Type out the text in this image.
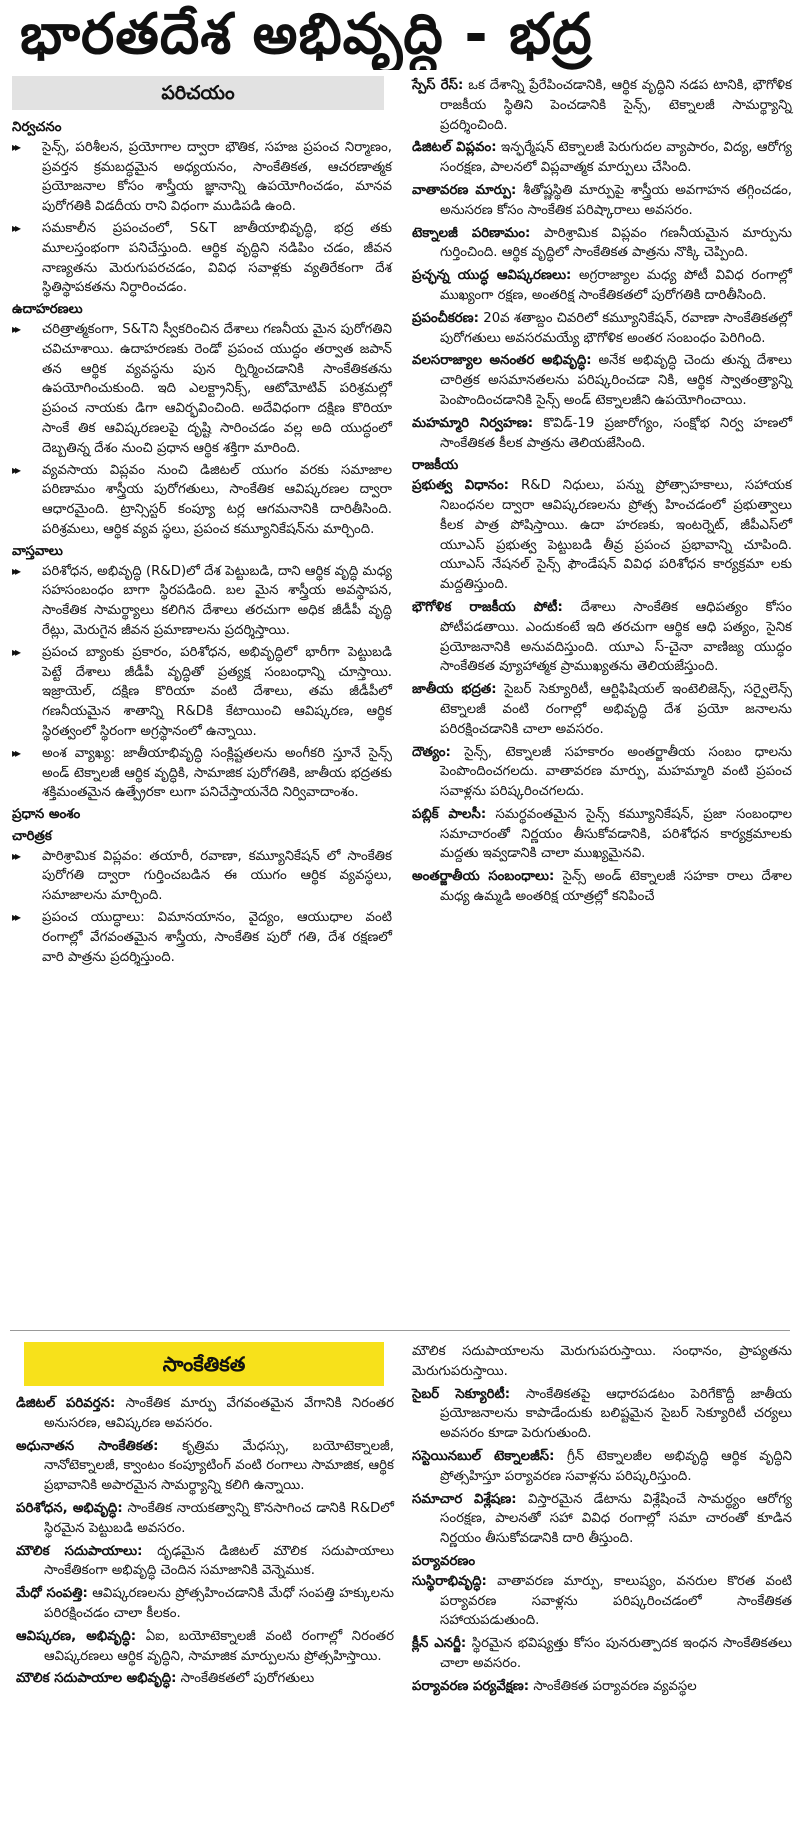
భారతదేశ అభివృద్ధి - భద్ర
పరిచయం
నిర్వచనం
▸▸ సైన్స్, పరిశీలన, ప్రయోగాల ద్వారా భౌతిక, సహజ ప్రపంచ నిర్మాణం, ప్రవర్తన క్రమబద్ధమైన అధ్యయనం, సాంకేతికత, ఆచరణాత్మక ప్రయోజనాల కోసం శాస్త్రీయ జ్ఞానాన్ని ఉపయోగించడం, మానవ పురోగతికి విడదీయ రాని విధంగా ముడిపడి ఉంది.
▸▸ సమకాలీన ప్రపంచంలో, S&T జాతీయాభివృద్ధి, భద్ర తకు మూలస్తంభంగా పనిచేస్తుంది. ఆర్థిక వృద్ధిని నడిపిం చడం, జీవన నాణ్యతను మెరుగుపరచడం, వివిధ సవాళ్లకు వ్యతిరేకంగా దేశ స్థితిస్థాపకతను నిర్ధారించడం.
ఉదాహరణలు
▸▸ చరిత్రాత్మకంగా, S&Tని స్వీకరించిన దేశాలు గణనీయ మైన పురోగతిని చవిచూశాయి. ఉదాహరణకు రెండో ప్రపంచ యుద్ధం తర్వాత జపాన్ తన ఆర్థిక వ్యవస్థను పున ర్నిర్మించడానికి సాంకేతికతను ఉపయోగించుకుంది. ఇది ఎలక్ట్రానిక్స్, ఆటోమోటివ్ పరిశ్రమల్లో ప్రపంచ నాయకు డిగా ఆవిర్భవించింది. అదేవిధంగా దక్షిణ కొరియా సాంకే తిక ఆవిష్కరణలపై దృష్టి సారించడం వల్ల అది యుద్ధంలో దెబ్బతిన్న దేశం నుంచి ప్రధాన ఆర్థిక శక్తిగా మారింది.
▸▸ వ్యవసాయ విప్లవం నుంచి డిజిటల్ యుగం వరకు సమాజాల పరిణామం శాస్త్రీయ పురోగతులు, సాంకేతిక ఆవిష్కరణల ద్వారా ఆధారమైంది. ట్రాన్సిస్టర్ కంప్యూ టర్ల ఆగమనానికి దారితీసింది. పరిశ్రమలు, ఆర్థిక వ్యవ స్థలు, ప్రపంచ కమ్యూనికేషన్‌ను మార్చింది.
వాస్తవాలు
▸▸ పరిశోధన, అభివృద్ధి (R&D)లో దేశ పెట్టుబడి, దాని ఆర్థిక వృద్ధి మధ్య సహసంబంధం బాగా స్థిరపడింది. బల మైన శాస్త్రీయ అవస్థాపన, సాంకేతిక సామర్థ్యాలు కలిగిన దేశాలు తరచుగా అధిక జీడీపీ వృద్ధి రేట్లు, మెరుగైన జీవన ప్రమాణాలను ప్రదర్శిస్తాయి.
▸▸ ప్రపంచ బ్యాంకు ప్రకారం, పరిశోధన, అభివృద్ధిలో భారీగా పెట్టుబడి పెట్టే దేశాలు జీడీపీ వృద్ధితో ప్రత్యక్ష సంబంధాన్ని చూస్తాయి. ఇజ్రాయెల్, దక్షిణ కొరియా వంటి దేశాలు, తమ జీడీపీలో గణనీయమైన శాతాన్ని R&Dకి కేటాయించి ఆవిష్కరణ, ఆర్థిక స్థిరత్వంలో స్థిరంగా అగ్రస్థానంలో ఉన్నాయి.
▸▸ అంశ వ్యాఖ్య: జాతీయాభివృద్ధి సంక్లిష్టతలను అంగీకరి స్తూనే సైన్స్ అండ్ టెక్నాలజీ ఆర్థిక వృద్ధికి, సామాజిక పురోగతికి, జాతీయ భద్రతకు శక్తిమంతమైన ఉత్ప్రేరకా లుగా పనిచేస్తాయనేది నిర్వివాదాంశం.
ప్రధాన అంశం
చారిత్రక
▸▸ పారిశ్రామిక విప్లవం: తయారీ, రవాణా, కమ్యూనికేషన్ లో సాంకేతిక పురోగతి ద్వారా గుర్తించబడిన ఈ యుగం ఆర్థిక వ్యవస్థలు, సమాజాలను మార్చింది.
▸▸ ప్రపంచ యుద్ధాలు: విమానయానం, వైద్యం, ఆయుధాల వంటి రంగాల్లో వేగవంతమైన శాస్త్రీయ, సాంకేతిక పురో గతి, దేశ రక్షణలో వారి పాత్రను ప్రదర్శిస్తుంది.
స్పేస్ రేస్: ఒక దేశాన్ని ప్రేరేపించడానికి, ఆర్థిక వృద్ధిని నడప టానికి, భౌగోళిక రాజకీయ స్థితిని పెంచడానికి సైన్స్, టెక్నాలజీ సామర్థ్యాన్ని ప్రదర్శించింది.
డిజిటల్ విప్లవం: ఇన్ఫర్మేషన్ టెక్నాలజీ పెరుగుదల వ్యాపారం, విద్య, ఆరోగ్య సంరక్షణ, పాలనలో విప్లవాత్మక మార్పులు చేసింది.
వాతావరణ మార్పు: శీతోష్ణస్థితి మార్పుపై శాస్త్రీయ అవగాహన తగ్గించడం, అనుసరణ కోసం సాంకేతిక పరిష్కారాలు అవసరం.
టెక్నాలజీ పరిణామం: పారిశ్రామిక విప్లవం గణనీయమైన మార్పును గుర్తించింది. ఆర్థిక వృద్ధిలో సాంకేతికత పాత్రను నొక్కి చెప్పింది.
ప్రచ్ఛన్న యుద్ధ ఆవిష్కరణలు: అగ్రరాజ్యాల మధ్య పోటీ వివిధ రంగాల్లో ముఖ్యంగా రక్షణ, అంతరిక్ష సాంకేతికతలో పురోగతికి దారితీసింది.
ప్రపంచీకరణ: 20వ శతాబ్దం చివరిలో కమ్యూనికేషన్, రవాణా సాంకేతికతల్లో పురోగతులు అవసరమయ్యే భౌగోళిక అంతర సంబంధం పెరిగింది.
వలసరాజ్యాల అనంతర అభివృద్ధి: అనేక అభివృద్ధి చెందు తున్న దేశాలు చారిత్రక అసమానతలను పరిష్కరించడా నికి, ఆర్థిక స్వాతంత్ర్యాన్ని పెంపొందించడానికి సైన్స్ అండ్ టెక్నాలజీని ఉపయోగించాయి.
మహమ్మారి నిర్వహణ: కొవిడ్-19 ప్రజారోగ్యం, సంక్షోభ నిర్వ హణలో సాంకేతికత కీలక పాత్రను తెలియజేసింది.
రాజకీయ
ప్రభుత్వ విధానం: R&D నిధులు, పన్ను ప్రోత్సాహకాలు, సహాయక నిబంధనల ద్వారా ఆవిష్కరణలను ప్రోత్స హించడంలో ప్రభుత్వాలు కీలక పాత్ర పోషిస్తాయి. ఉదా హరణకు, ఇంటర్నెట్, జీపీఎస్‌లో యూఎస్ ప్రభుత్వ పెట్టుబడి తీవ్ర ప్రపంచ ప్రభావాన్ని చూపింది. యూఎస్ నేషనల్ సైన్స్ ఫౌండేషన్ వివిధ పరిశోధన కార్యక్రమా లకు మద్దతిస్తుంది.
భౌగోళిక రాజకీయ పోటీ: దేశాలు సాంకేతిక ఆధిపత్యం కోసం పోటీపడతాయి. ఎందుకంటే ఇది తరచుగా ఆర్థిక ఆధి పత్యం, సైనిక ప్రయోజనానికి అనువదిస్తుంది. యూఎ స్-చైనా వాణిజ్య యుద్ధం సాంకేతికత వ్యూహాత్మక ప్రాముఖ్యతను తెలియజేస్తుంది.
జాతీయ భద్రత: సైబర్ సెక్యూరిటీ, ఆర్టిఫిషియల్ ఇంటెలిజెన్స్, సర్వైలెన్స్ టెక్నాలజీ వంటి రంగాల్లో అభివృద్ధి దేశ ప్రయో జనాలను పరిరక్షించడానికి చాలా అవసరం.
దౌత్యం: సైన్స్, టెక్నాలజీ సహకారం అంతర్జాతీయ సంబం ధాలను పెంపొందించగలదు. వాతావరణ మార్పు, మహమ్మారి వంటి ప్రపంచ సవాళ్లను పరిష్కరించగలదు.
పబ్లిక్ పాలసీ: సమర్థవంతమైన సైన్స్ కమ్యూనికేషన్, ప్రజా సంబంధాల సమాచారంతో నిర్ణయం తీసుకోవడానికి, పరిశోధన కార్యక్రమాలకు మద్దతు ఇవ్వడానికి చాలా ముఖ్యమైనవి.
అంతర్జాతీయ సంబంధాలు: సైన్స్ అండ్ టెక్నాలజీ సహకా రాలు దేశాల మధ్య ఉమ్మడి అంతరిక్ష యాత్రల్లో కనిపించే
సాంకేతికత
డిజిటల్ పరివర్తన: సాంకేతిక మార్పు వేగవంతమైన వేగానికి నిరంతర అనుసరణ, ఆవిష్కరణ అవసరం.
అధునాతన సాంకేతికత: కృత్రిమ మేధస్సు, బయోటెక్నాలజీ, నానోటెక్నాలజీ, క్వాంటం కంప్యూటింగ్ వంటి రంగాలు సామాజిక, ఆర్థిక ప్రభావానికి అపారమైన సామర్థ్యాన్ని కలిగి ఉన్నాయి.
పరిశోధన, అభివృద్ధి: సాంకేతిక నాయకత్వాన్ని కొనసాగించ డానికి R&Dలో స్థిరమైన పెట్టుబడి అవసరం.
మౌలిక సదుపాయాలు: దృఢమైన డిజిటల్ మౌలిక సదుపాయాలు సాంకేతికంగా అభివృద్ధి చెందిన సమాజానికి వెన్నెముక.
మేధో సంపత్తి: ఆవిష్కరణలను ప్రోత్సహించడానికి మేధో సంపత్తి హక్కులను పరిరక్షించడం చాలా కీలకం.
ఆవిష్కరణ, అభివృద్ధి: ఏఐ, బయోటెక్నాలజీ వంటి రంగాల్లో నిరంతర ఆవిష్కరణలు ఆర్థిక వృద్ధిని, సామాజిక మార్పులను ప్రోత్సహిస్తాయి.
మౌలిక సదుపాయాల అభివృద్ధి: సాంకేతికతలో పురోగతులు
మౌలిక సదుపాయాలను మెరుగుపరుస్తాయి. సంధానం, ప్రాప్యతను మెరుగుపరుస్తాయి.
సైబర్ సెక్యూరిటీ: సాంకేతికతపై ఆధారపడటం పెరిగేకొద్దీ జాతీయ ప్రయోజనాలను కాపాడేందుకు బలిష్టమైన సైబర్ సెక్యూరిటీ చర్యలు అవసరం కూడా పెరుగుతుంది.
సస్టెయినబుల్ టెక్నాలజీస్: గ్రీన్ టెక్నాలజీల అభివృద్ధి ఆర్థిక వృద్ధిని ప్రోత్సహిస్తూ పర్యావరణ సవాళ్లను పరిష్కరిస్తుంది.
సమాచార విశ్లేషణ: విస్తారమైన డేటాను విశ్లేషించే సామర్థ్యం ఆరోగ్య సంరక్షణ, పాలనతో సహా వివిధ రంగాల్లో సమా చారంతో కూడిన నిర్ణయం తీసుకోవడానికి దారి తీస్తుంది.
పర్యావరణం
సుస్థిరాభివృద్ధి: వాతావరణ మార్పు, కాలుష్యం, వనరుల కొరత వంటి పర్యావరణ సవాళ్లను పరిష్కరించడంలో సాంకేతికత సహాయపడుతుంది.
క్లీన్ ఎనర్జీ: స్థిరమైన భవిష్యత్తు కోసం పునరుత్పాదక ఇంధన సాంకేతికతలు చాలా అవసరం.
పర్యావరణ పర్యవేక్షణ: సాంకేతికత పర్యావరణ వ్యవస్థల
